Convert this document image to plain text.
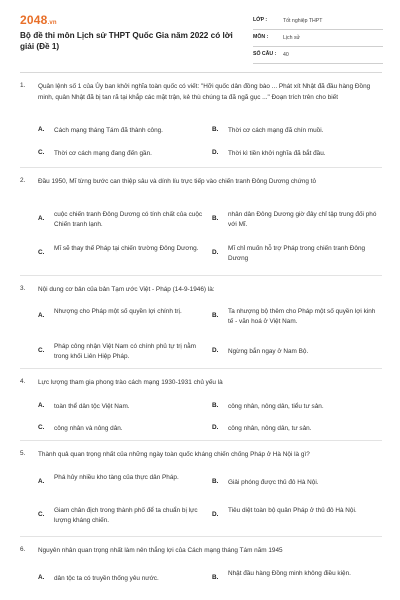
2048.vn
Bộ đề thi môn Lịch sử THPT Quốc Gia năm 2022 có lời giải (Đề 1)
LỚP :	Tốt nghiệp THPT
MÔN :	Lịch sử
SỐ CÂU : 40
1. Quân lệnh số 1 của Ủy ban khởi nghĩa toàn quốc có viết: "Hỡi quốc dân đồng bào ... Phát xít Nhật đã đầu hàng Đồng minh, quân Nhật đã bị tan rã tại khắp các mặt trận, kẻ thù chúng ta đã ngã gục ..." Đoạn trích trên cho biết
A. Cách mạng tháng Tám đã thành công.	B. Thời cơ cách mạng đã chín muồi.
C. Thời cơ cách mạng đang đến gần.	D. Thời kì tiền khởi nghĩa đã bắt đầu.
2. Đầu 1950, Mĩ từng bước can thiệp sâu và dính líu trực tiếp vào chiến tranh Đông Dương chứng tỏ
A.
cuộc chiến tranh Đông Dương có tính chất của cuộc Chiến tranh lạnh.
B.
nhân dân Đông Dương giờ đây chỉ tập trung đối phó với Mĩ.
C.
Mĩ sẽ thay thế Pháp tại chiến trường Đông Dương.
D.
Mĩ chỉ muốn hỗ trợ Pháp trong chiến tranh Đông Dương
3. Nội dung cơ bản của bản Tạm ước Việt - Pháp (14-9-1946) là:
A.
Nhượng cho Pháp một số quyền lợi chính trị.
B.
Ta nhượng bộ thêm cho Pháp một số quyền lợi kinh tế - văn hoá ở Việt Nam.
C.
Pháp công nhận Việt Nam có chính phủ tự trị nằm trong khối Liên Hiệp Pháp.
D. Ngừng bắn ngay ở Nam Bộ.
4. Lực lượng tham gia phong trào cách mạng 1930-1931 chủ yếu là
A. toàn thể dân tộc Việt Nam.	B. công nhân, nông dân, tiểu tư sản.
C. công nhân và nông dân.	D. công nhân, nông dân, tư sản.
5. Thành quả quan trọng nhất của những ngày toàn quốc kháng chiến chống Pháp ở Hà Nội là gì?
A.
Phá hủy nhiều kho tàng của thực dân Pháp.
B. Giải phóng được thủ đô Hà Nội.
C.
Giam chân địch trong thành phố để ta chuẩn bị lực lượng kháng chiến.
D.
Tiêu diệt toàn bộ quân Pháp ở thủ đô Hà Nội.
6. Nguyên nhân quan trọng nhất làm nên thắng lợi của Cách mạng tháng Tám năm 1945
A. dân tộc ta có truyền thống yêu nước.	B.
Nhật đầu hàng Đồng minh không điều kiện.
